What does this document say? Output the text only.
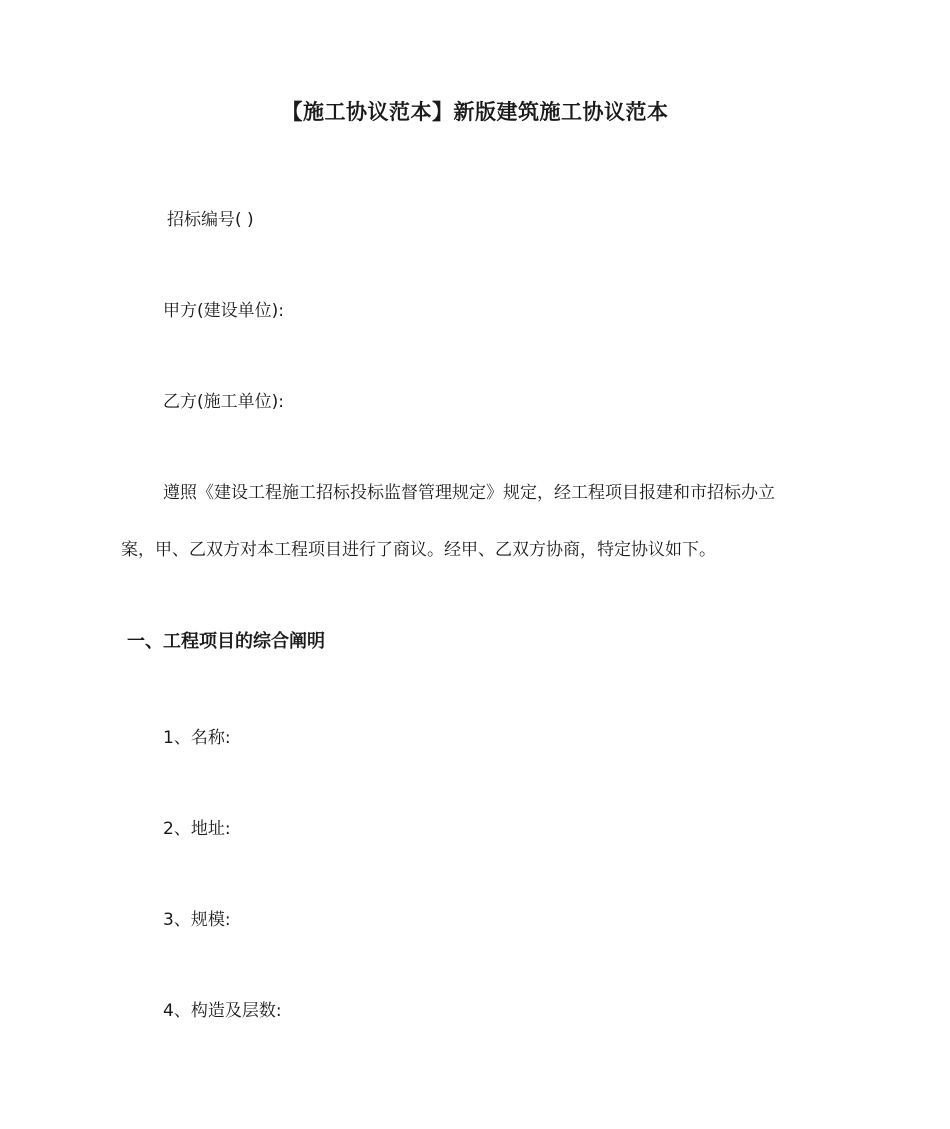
【施工协议范本】新版建筑施工协议范本
招标编号( )
甲方(建设单位):
乙方(施工单位):
遵照《建设工程施工招标投标监督管理规定》规定，经工程项目报建和市招标办立
案，甲、乙双方对本工程项目进行了商议。经甲、乙双方协商，特定协议如下。
一、工程项目的综合阐明
1、名称:
2、地址:
3、规模:
4、构造及层数:
